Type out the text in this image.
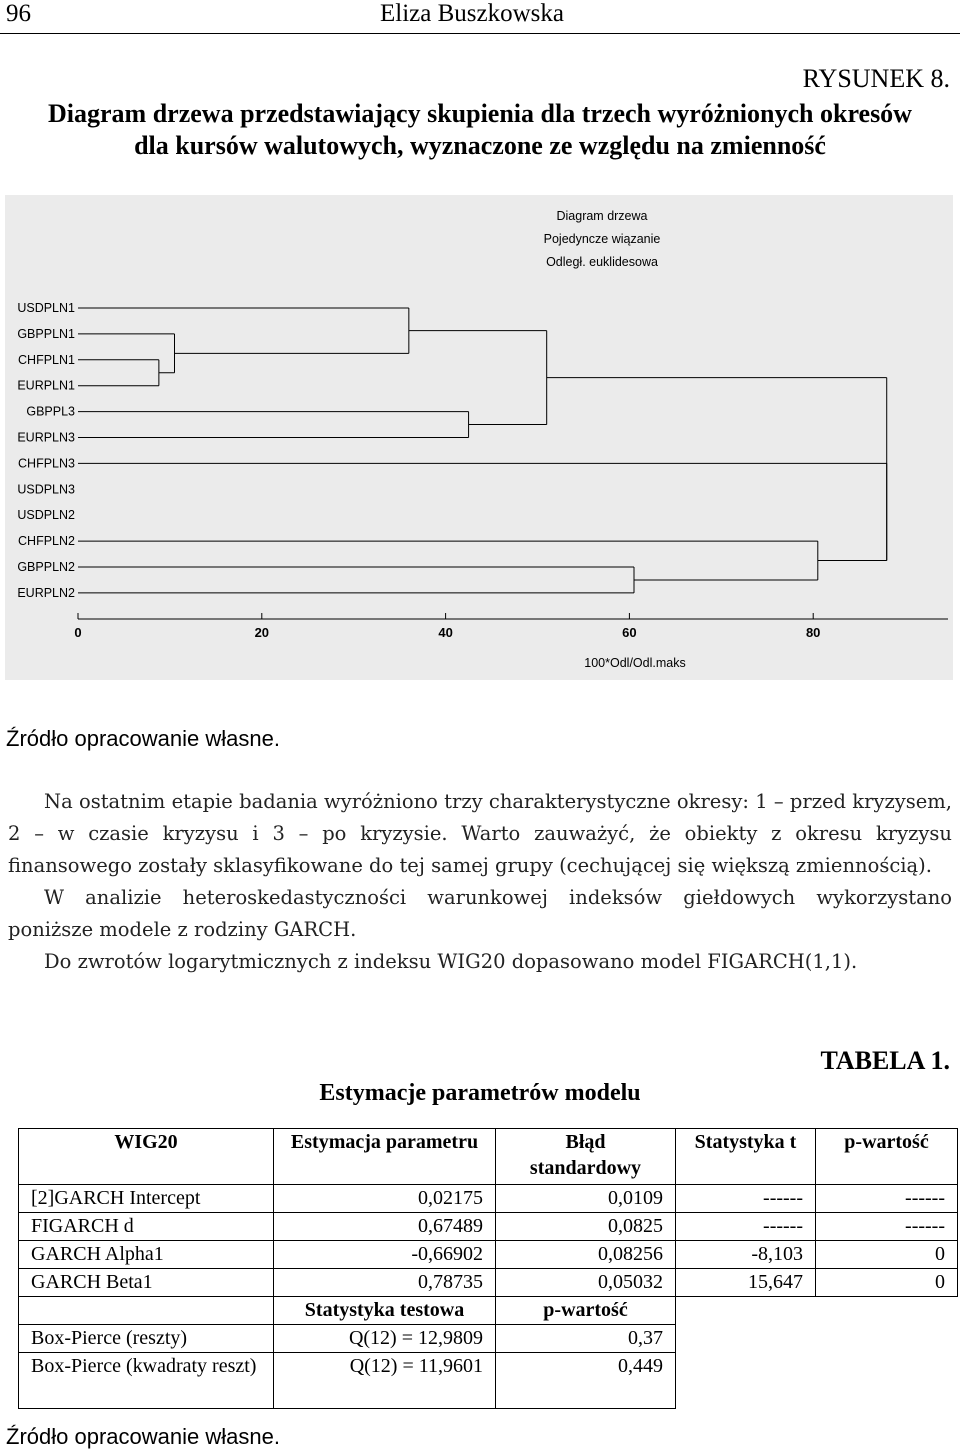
96	Eliza Buszkowska
RYSUNEK 8.
Diagram drzewa przedstawiający skupienia dla trzech wyróżnionych okresów
dla kursów walutowych, wyznaczone ze względu na zmienność
Diagram drzewa
Pojedyncze wiązanie
Odległ. euklidesowa
USDPLN1
GBPPLN1
CHFPLN1
EURPLN1
GBPPL3
EURPLN3
CHFPLN3
USDPLN3
USDPLN2
CHFPLN2
GBPPLN2
EURPLN2
0	20	40	60	80
100*Odl/Odl.maks
Źródło opracowanie własne.

Na ostatnim etapie badania wyróżniono trzy charakterystyczne okresy: 1 – przed kryzysem, 2 – w czasie kryzysu i 3 – po kryzysie. Warto zauważyć, że obiekty z okresu kryzysu finansowego zostały sklasyfikowane do tej samej grupy (cechującej się większą zmiennością).

W analizie heteroskedastyczności warunkowej indeksów giełdowych wykorzystano poniższe modele z rodziny GARCH.

Do zwrotów logarytmicznych z indeksu WIG20 dopasowano model FIGARCH(1,1).

TABELA 1.
Estymacje parametrów modelu
WIG20	Estymacja parametru	Błąd standardowy	Statystyka t	p-wartość
[2]GARCH Intercept	0,02175	0,0109	------	------
FIGARCH d	0,67489	0,0825	------	------
GARCH Alpha1	-0,66902	0,08256	-8,103	0
GARCH Beta1	0,78735	0,05032	15,647	0
	Statystyka testowa	p-wartość		
Box-Pierce (reszty)	Q(12) = 12,9809	0,37		
Box-Pierce (kwadraty reszt)	Q(12) = 11,9601	0,449		
Źródło opracowanie własne.
